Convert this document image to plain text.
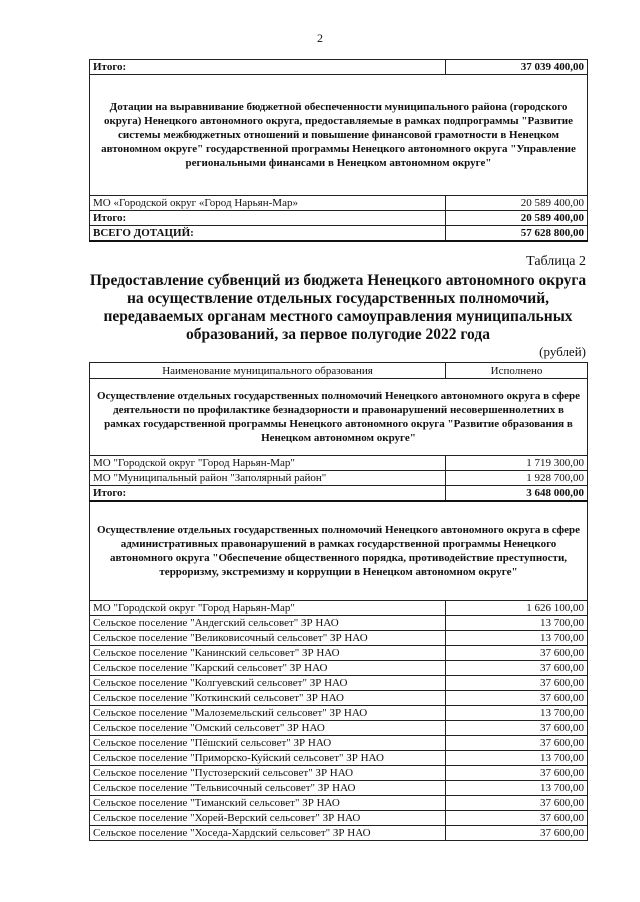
2
Итого:	37 039 400,00
Дотации на выравнивание бюджетной обеспеченности муниципального района (городского округа) Ненецкого автономного округа, предоставляемые в рамках подпрограммы "Развитие системы межбюджетных отношений и повышение финансовой грамотности в Ненецком автономном округе" государственной программы Ненецкого автономного округа "Управление региональными финансами в Ненецком автономном округе"	
МО «Городской округ «Город Нарьян-Мар»	20 589 400,00
Итого:	20 589 400,00
ВСЕГО ДОТАЦИЙ:	57 628 800,00
Таблица 2
Предоставление субвенций из бюджета Ненецкого автономного округа на осуществление отдельных государственных полномочий, передаваемых органам местного самоуправления муниципальных образований, за первое полугодие 2022 года
(рублей)
Наименование муниципального образования	Исполнено
Осуществление отдельных государственных полномочий Ненецкого автономного округа в сфере деятельности по профилактике безнадзорности и правонарушений несовершеннолетних в рамках государственной программы Ненецкого автономного округа "Развитие образования в Ненецком автономном округе"	
МО "Городской округ "Город Нарьян-Мар"	1 719 300,00
МО "Муниципальный район "Заполярный район"	1 928 700,00
Итого:	3 648 000,00
Осуществление отдельных государственных полномочий Ненецкого автономного округа в сфере административных правонарушений в рамках государственной программы Ненецкого автономного округа "Обеспечение общественного порядка, противодействие преступности, терроризму, экстремизму и коррупции в Ненецком автономном округе"	
МО "Городской округ "Город Нарьян-Мар"	1 626 100,00
Сельское поселение "Андегский сельсовет" ЗР НАО	13 700,00
Сельское поселение "Великовисочный сельсовет" ЗР НАО	13 700,00
Сельское поселение "Канинский сельсовет" ЗР НАО	37 600,00
Сельское поселение "Карский сельсовет" ЗР НАО	37 600,00
Сельское поселение "Колгуевский сельсовет" ЗР НАО	37 600,00
Сельское поселение "Коткинский сельсовет" ЗР НАО	37 600,00
Сельское поселение "Малоземельский сельсовет" ЗР НАО	13 700,00
Сельское поселение "Омский сельсовет" ЗР НАО	37 600,00
Сельское поселение "Пёшский сельсовет" ЗР НАО	37 600,00
Сельское поселение "Приморско-Куйский сельсовет" ЗР НАО	13 700,00
Сельское поселение "Пустозерский сельсовет" ЗР НАО	37 600,00
Сельское поселение "Тельвисочный сельсовет" ЗР НАО	13 700,00
Сельское поселение "Тиманский сельсовет" ЗР НАО	37 600,00
Сельское поселение "Хорей-Верский сельсовет" ЗР НАО	37 600,00
Сельское поселение "Хоседа-Хардский сельсовет" ЗР НАО	37 600,00
